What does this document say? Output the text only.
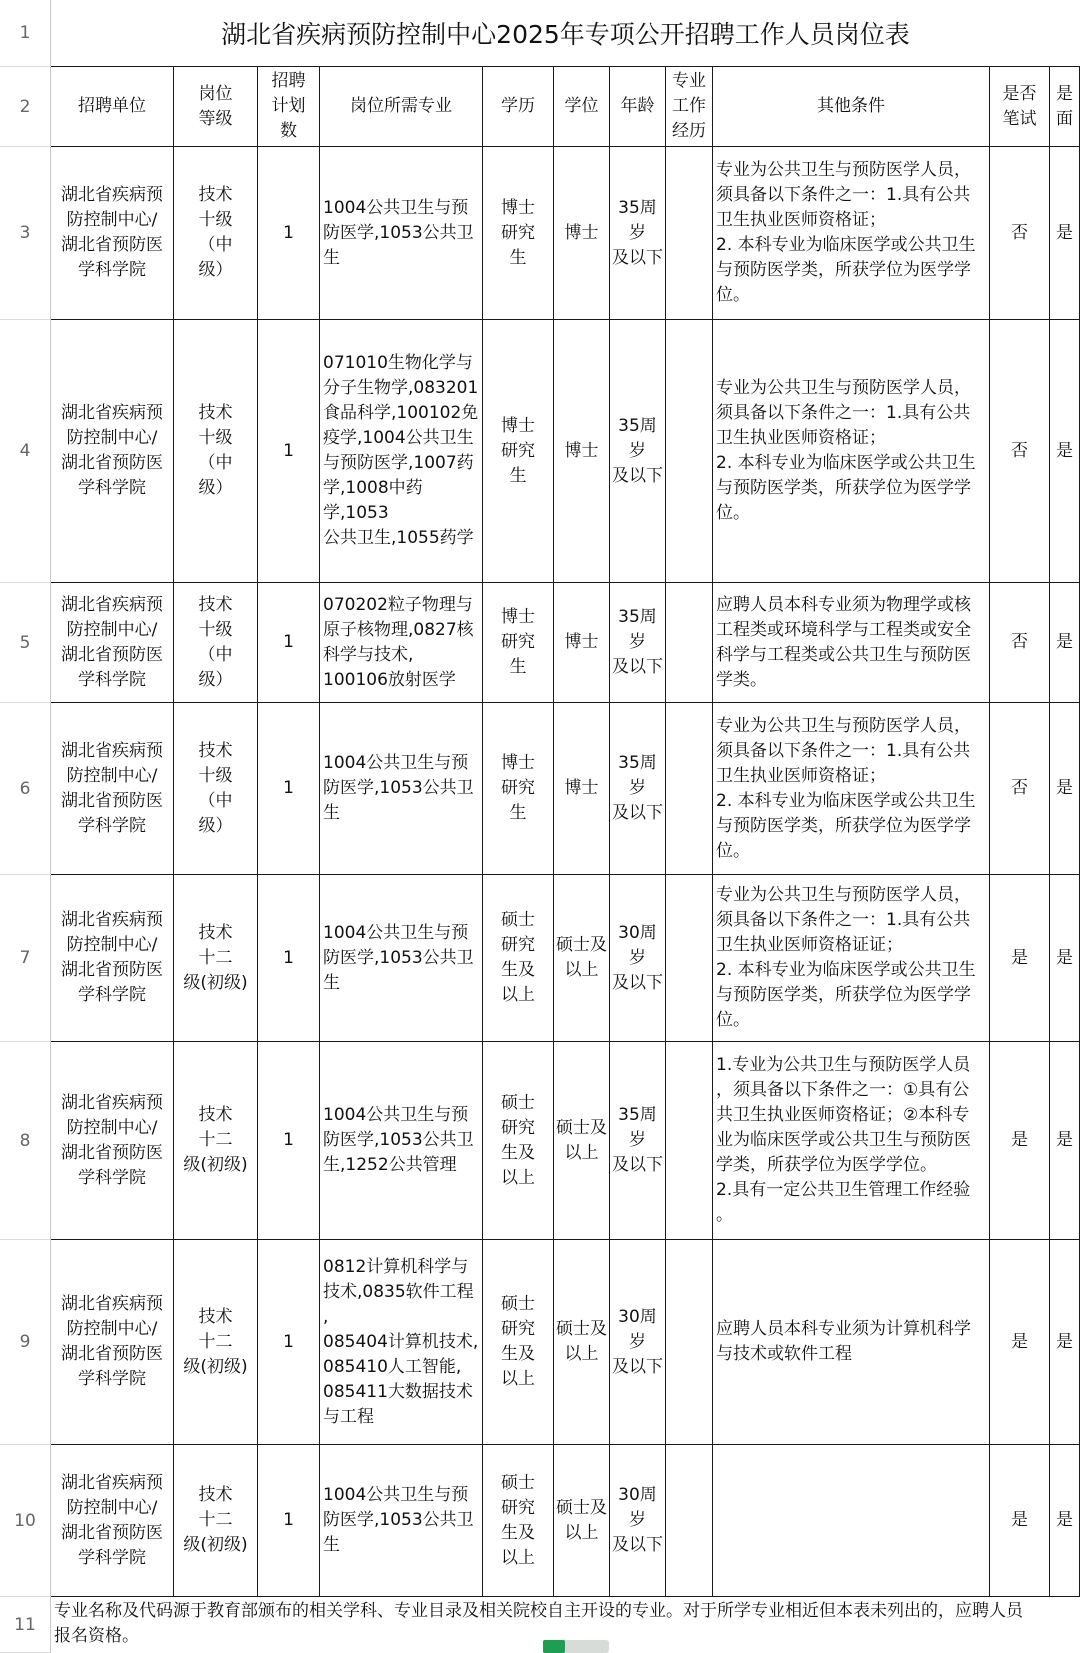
1
2
3
4
5
6
7
8
9
10
11
湖北省疾病预防控制中心2025年专项公开招聘工作人员岗位表
招聘单位
岗位
等级
招聘
计划
数
岗位所需专业	学历 学位 年龄
专业
工作
经历
其他条件
是否
笔试
是
面
湖北省疾病预
防控制中心/
湖北省预防医
学科学院
技术
十级
（中
级）
1
1004公共卫生与预
防医学,1053公共卫
生
博士
研究
生
博士
35周
岁
及以下
专业为公共卫生与预防医学人员，
须具备以下条件之一：1.具有公共
卫生执业医师资格证；
2. 本科专业为临床医学或公共卫生
与预防医学类，所获学位为医学学
位。
否 是
湖北省疾病预
防控制中心/
湖北省预防医
学科学院
技术
十级
（中
级）
1
071010生物化学与
分子生物学,083201
食品科学,100102免
疫学,1004公共卫生
与预防医学,1007药
学,1008中药学,1053
公共卫生,1055药学
博士
研究
生
博士
35周
岁
及以下
专业为公共卫生与预防医学人员，
须具备以下条件之一：1.具有公共
卫生执业医师资格证；
2. 本科专业为临床医学或公共卫生
与预防医学类，所获学位为医学学
位。
否 是
湖北省疾病预
防控制中心/
湖北省预防医
学科学院
技术
十级
（中
级）
1
070202粒子物理与
原子核物理,0827核
科学与技术,
100106放射医学
博士
研究
生
博士
35周
岁
及以下
应聘人员本科专业须为物理学或核
工程类或环境科学与工程类或安全
科学与工程类或公共卫生与预防医
学类。
否 是
湖北省疾病预
防控制中心/
湖北省预防医
学科学院
技术
十级
（中
级）
1
1004公共卫生与预
防医学,1053公共卫
生
博士
研究
生
博士
35周
岁
及以下
专业为公共卫生与预防医学人员，
须具备以下条件之一：1.具有公共
卫生执业医师资格证；
2. 本科专业为临床医学或公共卫生
与预防医学类，所获学位为医学学
位。
否 是
湖北省疾病预
防控制中心/
湖北省预防医
学科学院
技术
十二
级(初级)
1
1004公共卫生与预
防医学,1053公共卫
生
硕士
研究
生及
以上
硕士及
以上
30周
岁
及以下
专业为公共卫生与预防医学人员，
须具备以下条件之一：1.具有公共
卫生执业医师资格证证；
2. 本科专业为临床医学或公共卫生
与预防医学类，所获学位为医学学
位。
是 是
湖北省疾病预
防控制中心/
湖北省预防医
学科学院
技术
十二
级(初级)
1
1004公共卫生与预
防医学,1053公共卫
生,1252公共管理
硕士
研究
生及
以上
硕士及
以上
35周
岁
及以下
1.专业为公共卫生与预防医学人员
，须具备以下条件之一：①具有公
共卫生执业医师资格证；②本科专
业为临床医学或公共卫生与预防医
学类，所获学位为医学学位。
2.具有一定公共卫生管理工作经验
。
是 是
湖北省疾病预
防控制中心/
湖北省预防医
学科学院
技术
十二
级(初级)
1
0812计算机科学与
技术,0835软件工程
,
085404计算机技术,
085410人工智能,
085411大数据技术
与工程
硕士
研究
生及
以上
硕士及
以上
30周
岁
及以下
应聘人员本科专业须为计算机科学
与技术或软件工程
是 是
湖北省疾病预
防控制中心/
湖北省预防医
学科学院
技术
十二
级(初级)
1
1004公共卫生与预
防医学,1053公共卫
生
硕士
研究
生及
以上
硕士及
以上
30周
岁
及以下
是 是
专业名称及代码源于教育部颁布的相关学科、专业目录及相关院校自主开设的专业。对于所学专业相近但本表未列出的，应聘人员
报名资格。
